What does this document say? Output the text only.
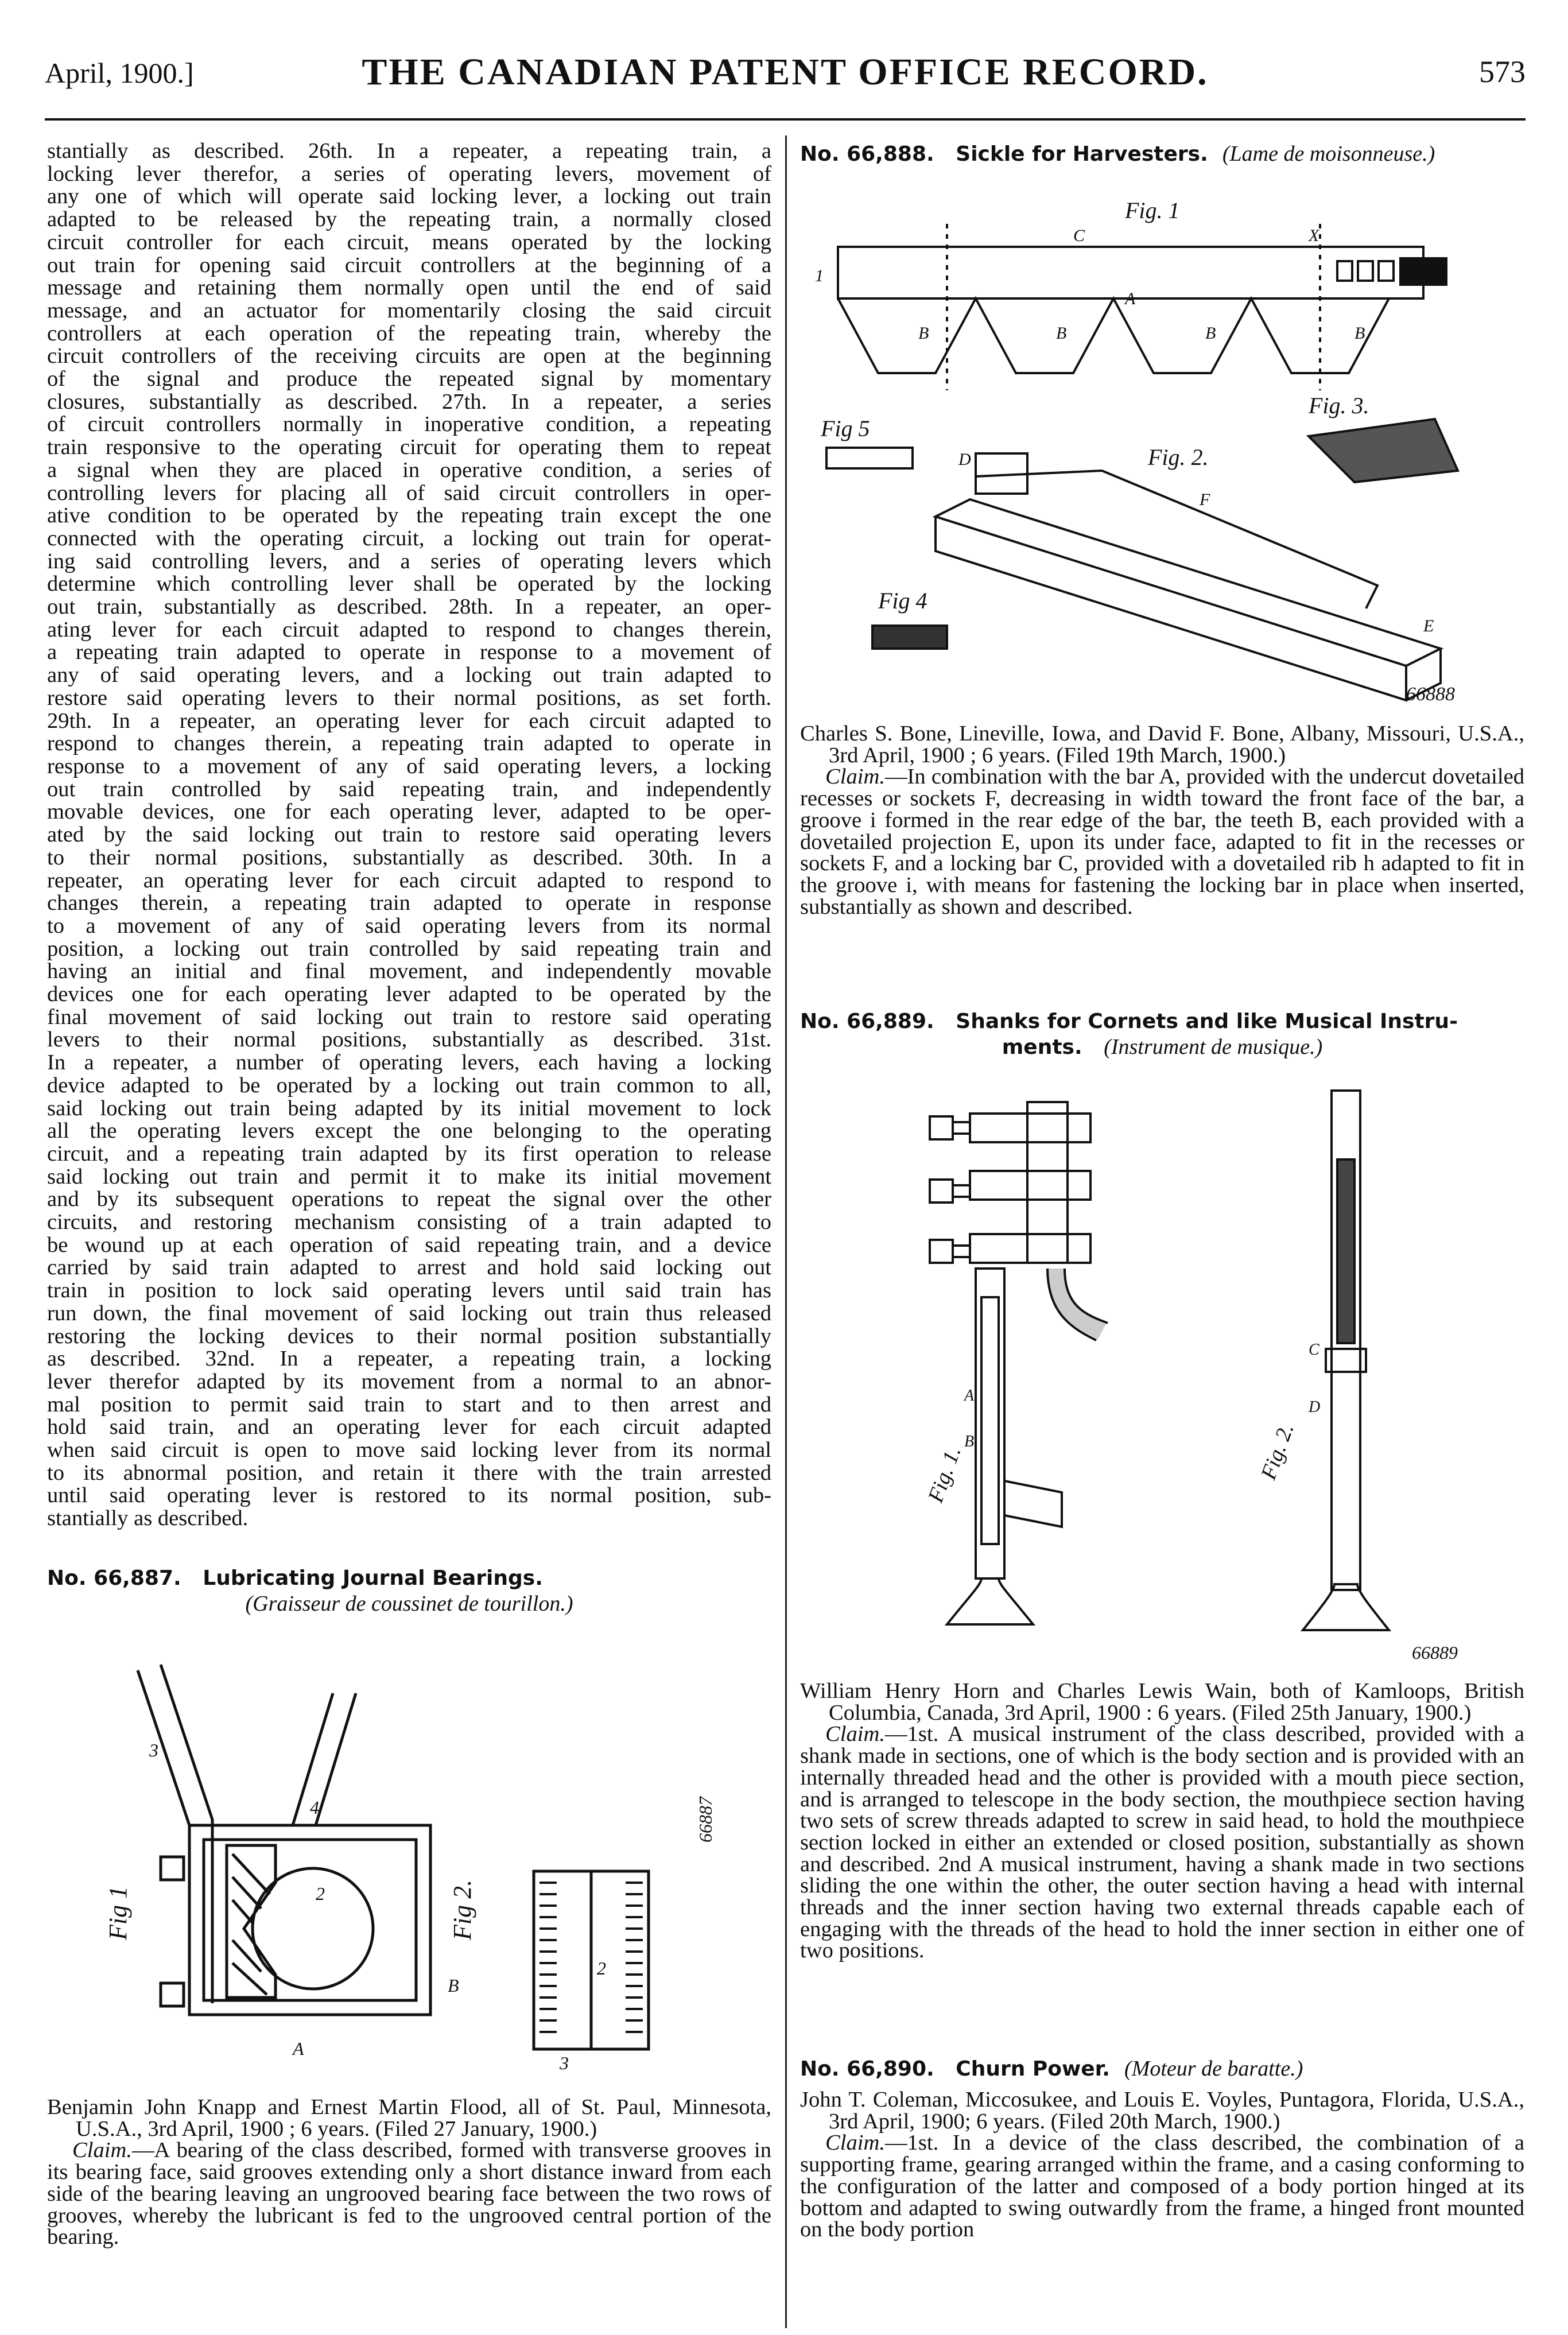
April, 1900.]	THE CANADIAN PATENT OFFICE RECORD.	573
stantially as described. 26th. In a repeater, a repeating train, a
locking lever therefor, a series of operating levers, movement of
any one of which will operate said locking lever, a locking out train
adapted to be released by the repeating train, a normally closed
circuit controller for each circuit, means operated by the locking
out train for opening said circuit controllers at the beginning of a
message and retaining them normally open until the end of said
message, and an actuator for momentarily closing the said circuit
controllers at each operation of the repeating train, whereby the
circuit controllers of the receiving circuits are open at the beginning
of the signal and produce the repeated signal by momentary
closures, substantially as described. 27th. In a repeater, a series
of circuit controllers normally in inoperative condition, a repeating
train responsive to the operating circuit for operating them to repeat
a signal when they are placed in operative condition, a series of
controlling levers for placing all of said circuit controllers in oper-
ative condition to be operated by the repeating train except the one
connected with the operating circuit, a locking out train for operat-
ing said controlling levers, and a series of operating levers which
determine which controlling lever shall be operated by the locking
out train, substantially as described. 28th. In a repeater, an oper-
ating lever for each circuit adapted to respond to changes therein,
a repeating train adapted to operate in response to a movement of
any of said operating levers, and a locking out train adapted to
restore said operating levers to their normal positions, as set forth.
29th. In a repeater, an operating lever for each circuit adapted to
respond to changes therein, a repeating train adapted to operate in
response to a movement of any of said operating levers, a locking
out train controlled by said repeating train, and independently
movable devices, one for each operating lever, adapted to be oper-
ated by the said locking out train to restore said operating levers
to their normal positions, substantially as described. 30th. In a
repeater, an operating lever for each circuit adapted to respond to
changes therein, a repeating train adapted to operate in response
to a movement of any of said operating levers from its normal
position, a locking out train controlled by said repeating train and
having an initial and final movement, and independently movable
devices one for each operating lever adapted to be operated by the
final movement of said locking out train to restore said operating
levers to their normal positions, substantially as described. 31st.
In a repeater, a number of operating levers, each having a locking
device adapted to be operated by a locking out train common to all,
said locking out train being adapted by its initial movement to lock
all the operating levers except the one belonging to the operating
circuit, and a repeating train adapted by its first operation to release
said locking out train and permit it to make its initial movement
and by its subsequent operations to repeat the signal over the other
circuits, and restoring mechanism consisting of a train adapted to
be wound up at each operation of said repeating train, and a device
carried by said train adapted to arrest and hold said locking out
train in position to lock said operating levers until said train has
run down, the final movement of said locking out train thus released
restoring the locking devices to their normal position substantially
as described. 32nd. In a repeater, a repeating train, a locking
lever therefor adapted by its movement from a normal to an abnor-
mal position to permit said train to start and to then arrest and
hold said train, and an operating lever for each circuit adapted
when said circuit is open to move said locking lever from its normal
to its abnormal position, and retain it there with the train arrested
until said operating lever is restored to its normal position, sub-
stantially as described.

No. 66,887. Lubricating Journal Bearings.

(Graisseur de coussinet de tourillon.)

Fig 1	Fig 2.
66887
3
4
2
A
B
3
2

Benjamin John Knapp and Ernest Martin Flood, all of St. Paul, Minnesota, U.S.A., 3rd April, 1900 ; 6 years. (Filed 27 January, 1900.)

Claim.—A bearing of the class described, formed with transverse grooves in its bearing face, said grooves extending only a short distance inward from each side of the bearing leaving an ungrooved bearing face between the two rows of grooves, whereby the lubricant is fed to the ungrooved central portion of the bearing.

No. 66,888. Sickle for Harvesters. (Lame de moisonneuse.)

Fig. 1
Fig 5
Fig. 2.
Fig. 3.
Fig 4
66888
C	X
1
B	B	B	B
A
D
F
E

Charles S. Bone, Lineville, Iowa, and David F. Bone, Albany, Missouri, U.S.A., 3rd April, 1900 ; 6 years. (Filed 19th March, 1900.)

Claim.—In combination with the bar A, provided with the undercut dovetailed recesses or sockets F, decreasing in width toward the front face of the bar, a groove i formed in the rear edge of the bar, the teeth B, each provided with a dovetailed projection E, upon its under face, adapted to fit in the recesses or sockets F, and a locking bar C, provided with a dovetailed rib h adapted to fit in the groove i, with means for fastening the locking bar in place when inserted, substantially as shown and described.

No. 66,889. Shanks for Cornets and like Musical Instru-

ments. (Instrument de musique.)

Fig. 1.	Fig. 2.
66889
A
B
C
D

William Henry Horn and Charles Lewis Wain, both of Kamloops, British Columbia, Canada, 3rd April, 1900 : 6 years. (Filed 25th January, 1900.)

Claim.—1st. A musical instrument of the class described, provided with a shank made in sections, one of which is the body section and is provided with an internally threaded head and the other is provided with a mouth piece section, and is arranged to telescope in the body section, the mouthpiece section having two sets of screw threads adapted to screw in said head, to hold the mouthpiece section locked in either an extended or closed position, substantially as shown and described. 2nd A musical instrument, having a shank made in two sections sliding the one within the other, the outer section having a head with internal threads and the inner section having two external threads capable each of engaging with the threads of the head to hold the inner section in either one of two positions.

No. 66,890. Churn Power. (Moteur de baratte.)

John T. Coleman, Miccosukee, and Louis E. Voyles, Puntagora, Florida, U.S.A., 3rd April, 1900; 6 years. (Filed 20th March, 1900.)

Claim.—1st. In a device of the class described, the combination of a supporting frame, gearing arranged within the frame, and a casing conforming to the configuration of the latter and composed of a body portion hinged at its bottom and adapted to swing outwardly from the frame, a hinged front mounted on the body portion
